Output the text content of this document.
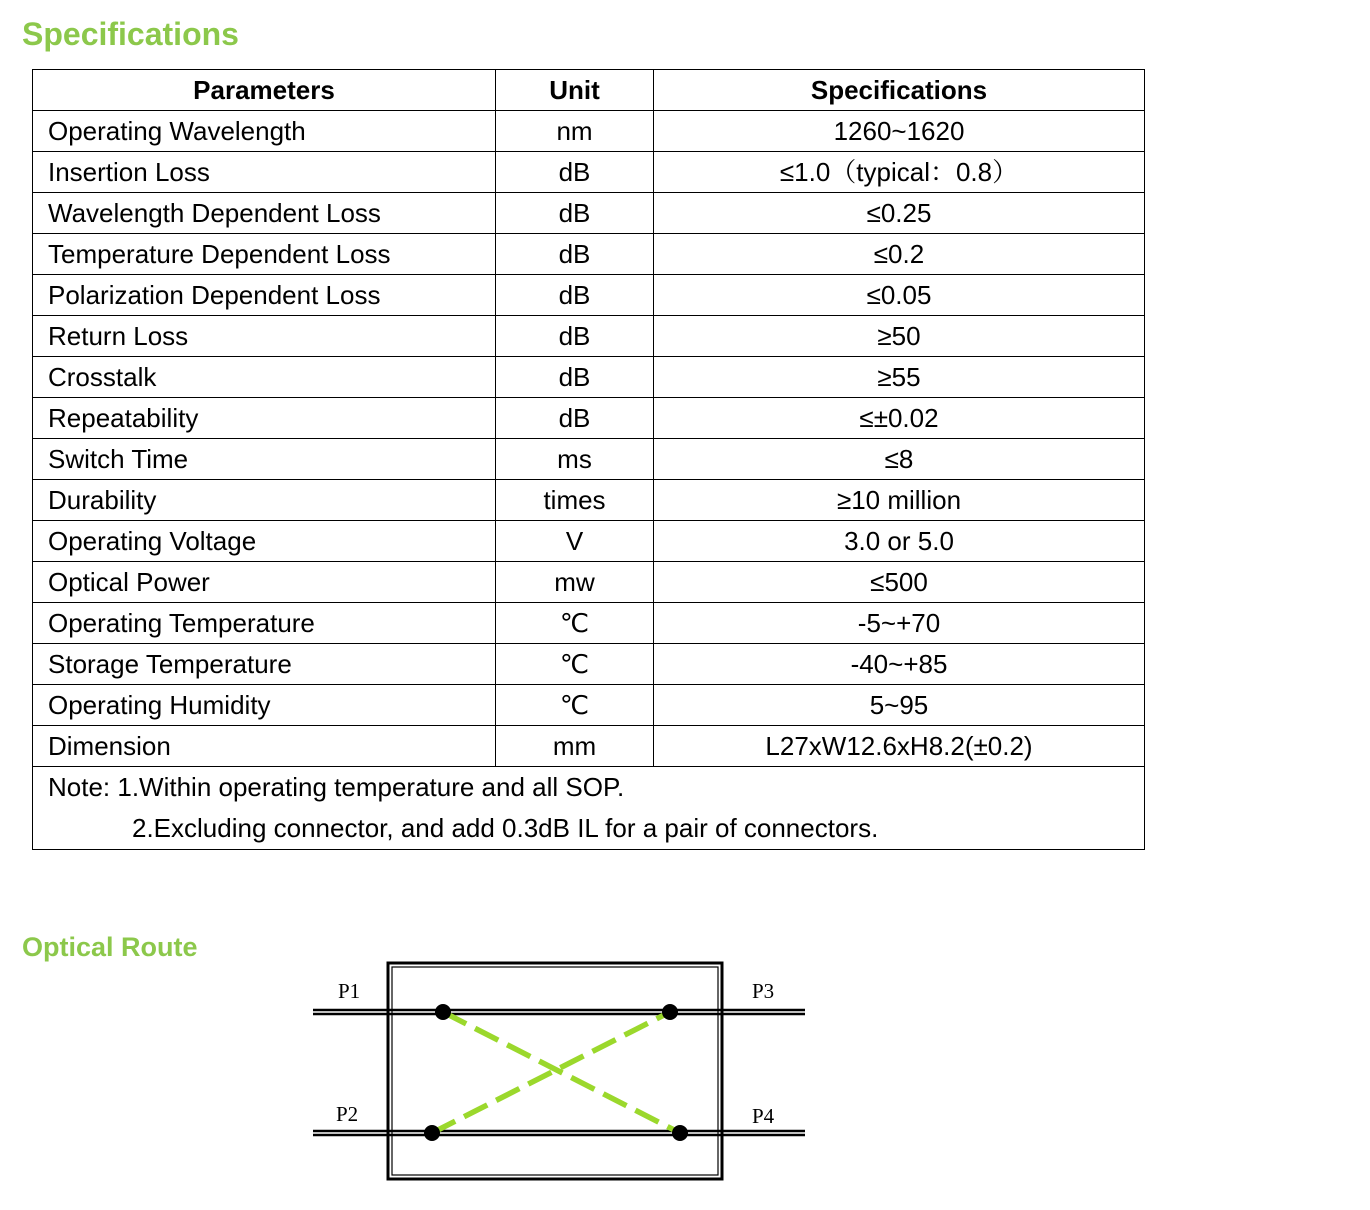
Specifications
Parameters	Unit	Specifications
Operating Wavelength	nm	1260~1620
Insertion Loss	dB	≤1.0（typical：0.8）
Wavelength Dependent Loss	dB	≤0.25
Temperature Dependent Loss	dB	≤0.2
Polarization Dependent Loss	dB	≤0.05
Return Loss	dB	≥50
Crosstalk	dB	≥55
Repeatability	dB	≤±0.02
Switch Time	ms	≤8
Durability	times	≥10 million
Operating Voltage	V	3.0 or 5.0
Optical Power	mw	≤500
Operating Temperature	℃	-5~+70
Storage Temperature	℃	-40~+85
Operating Humidity	℃	5~95
Dimension	mm	L27xW12.6xH8.2(±0.2)

Note: 1.Within operating temperature and all SOP.
2.Excluding connector, and add 0.3dB IL for a pair of connectors.		
Optical Route
P1	P3
P2	P4
